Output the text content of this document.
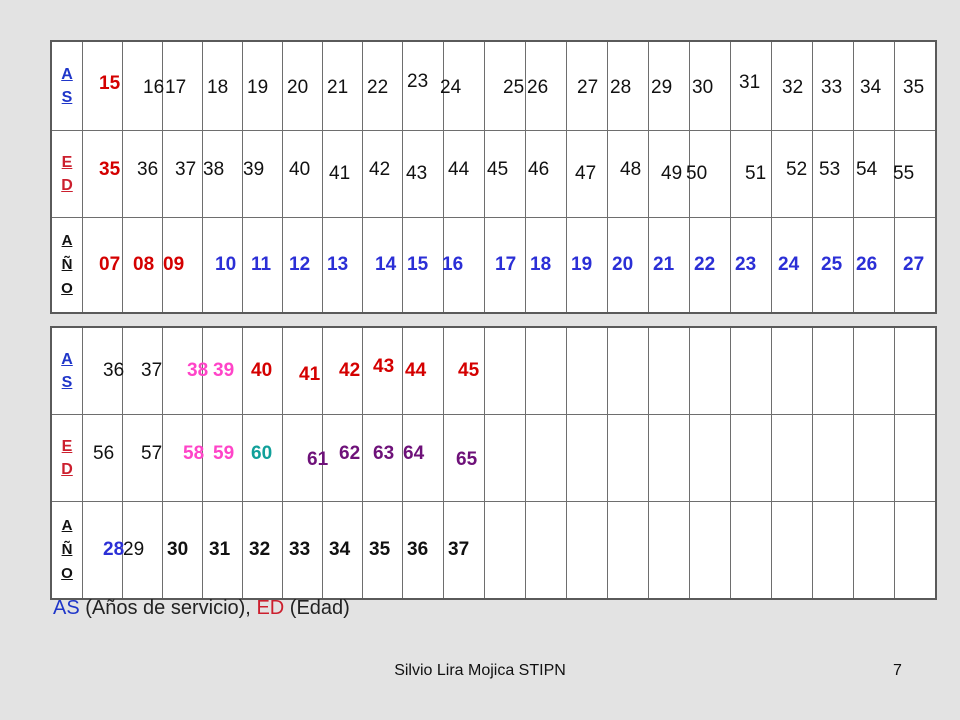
A
S	15	16	17	18	19	20	21	22	23	24	25	26	27	28	29	30	31	32	33	34	35

E
D	35	36	37	38	39	40	41	42	43	44	45	46	47	48	49	50	51	52	53	54	55

A
Ñ
O	07	08	09	10	11	12	13	14	15	16	17	18	19	20	21	22	23	24	25	26	27
A
S	36	37	38	39	40	41	42	43	44	45											

E
D	56	57	58	59	60	61	62	63	64	65											

A
Ñ
O	28	29	30	31	32	33	34	35	36	37											

AS (Años de servicio), ED (Edad)
Silvio Lira Mojica STIPN	7
